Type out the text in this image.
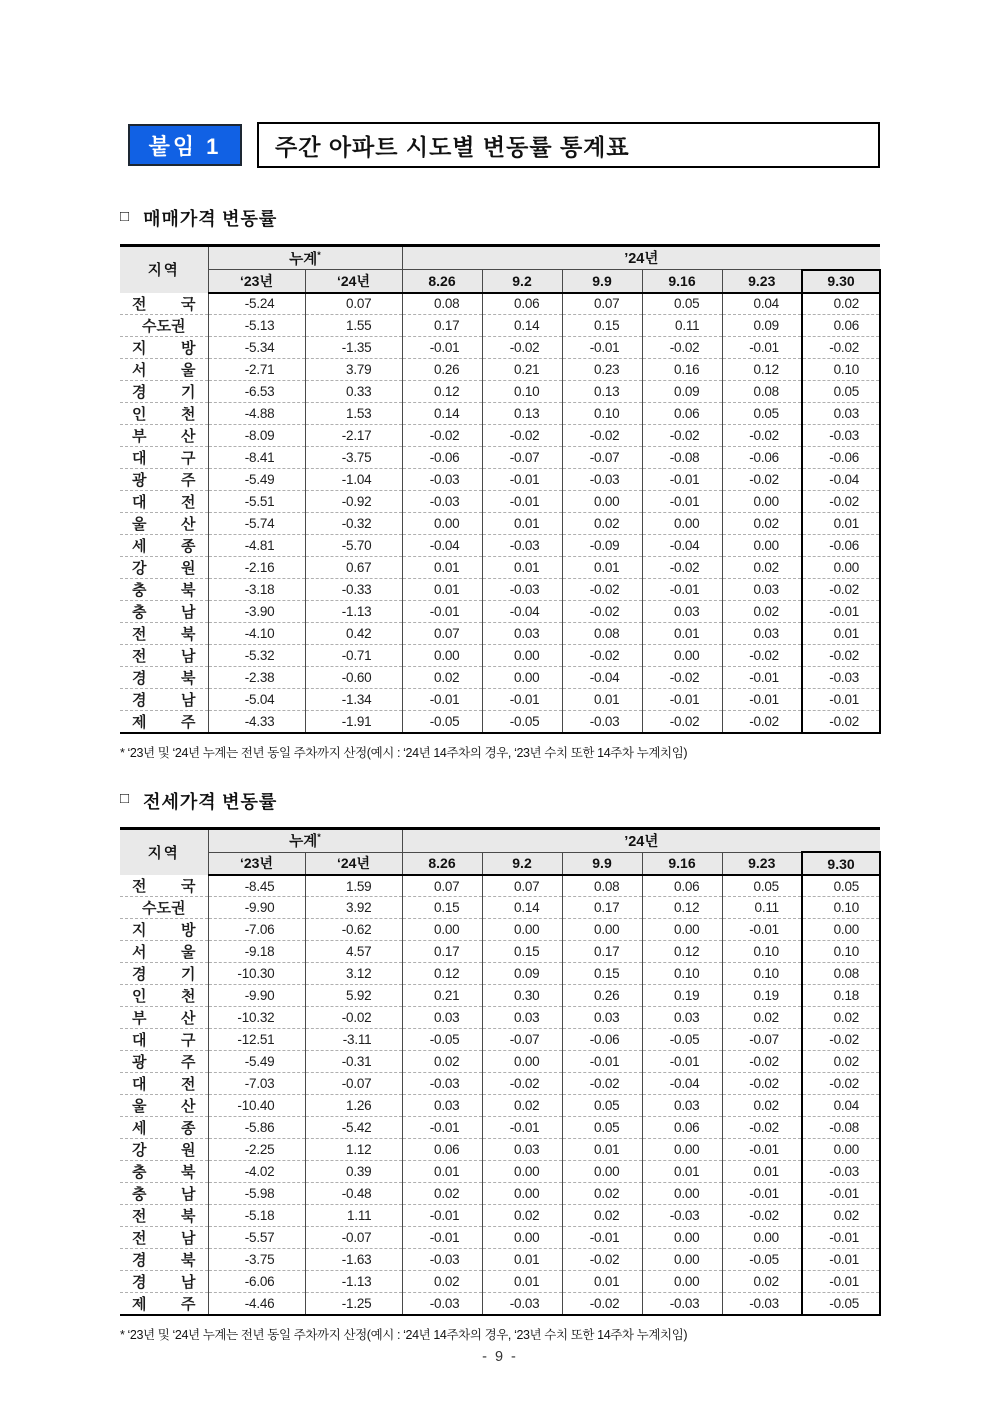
붙임 1 주간 아파트 시도별 변동률 통계표
□ 매매가격 변동률
지역	누계*		’24년					
	‘23년	‘24년	8.26	9.2	9.9	9.16	9.23	9.30

전 국	-5.24	0.07	0.08	0.06	0.07	0.05	0.04	0.02

수도권	-5.13	1.55	0.17	0.14	0.15	0.11	0.09	0.06

지 방	-5.34	-1.35	-0.01	-0.02	-0.01	-0.02	-0.01	-0.02

서 울	-2.71	3.79	0.26	0.21	0.23	0.16	0.12	0.10

경 기	-6.53	0.33	0.12	0.10	0.13	0.09	0.08	0.05

인 천	-4.88	1.53	0.14	0.13	0.10	0.06	0.05	0.03

부 산	-8.09	-2.17	-0.02	-0.02	-0.02	-0.02	-0.02	-0.03

대 구	-8.41	-3.75	-0.06	-0.07	-0.07	-0.08	-0.06	-0.06

광 주	-5.49	-1.04	-0.03	-0.01	-0.03	-0.01	-0.02	-0.04

대 전	-5.51	-0.92	-0.03	-0.01	0.00	-0.01	0.00	-0.02

울 산	-5.74	-0.32	0.00	0.01	0.02	0.00	0.02	0.01

세 종	-4.81	-5.70	-0.04	-0.03	-0.09	-0.04	0.00	-0.06

강 원	-2.16	0.67	0.01	0.01	0.01	-0.02	0.02	0.00

충 북	-3.18	-0.33	0.01	-0.03	-0.02	-0.01	0.03	-0.02

충 남	-3.90	-1.13	-0.01	-0.04	-0.02	0.03	0.02	-0.01

전 북	-4.10	0.42	0.07	0.03	0.08	0.01	0.03	0.01

전 남	-5.32	-0.71	0.00	0.00	-0.02	0.00	-0.02	-0.02

경 북	-2.38	-0.60	0.02	0.00	-0.04	-0.02	-0.01	-0.03

경 남	-5.04	-1.34	-0.01	-0.01	0.01	-0.01	-0.01	-0.01

제 주	-4.33	-1.91	-0.05	-0.05	-0.03	-0.02	-0.02	-0.02

* ‘23년 및 ‘24년 누계는 전년 동일 주차까지 산정(예시 : ‘24년 14주차의 경우, ‘23년 수치 또한 14주차 누계치임)

□ 전세가격 변동률
지역	누계*		’24년					
	‘23년	‘24년	8.26	9.2	9.9	9.16	9.23	9.30

전 국	-8.45	1.59	0.07	0.07	0.08	0.06	0.05	0.05

수도권	-9.90	3.92	0.15	0.14	0.17	0.12	0.11	0.10

지 방	-7.06	-0.62	0.00	0.00	0.00	0.00	-0.01	0.00

서 울	-9.18	4.57	0.17	0.15	0.17	0.12	0.10	0.10

경 기	-10.30	3.12	0.12	0.09	0.15	0.10	0.10	0.08

인 천	-9.90	5.92	0.21	0.30	0.26	0.19	0.19	0.18

부 산	-10.32	-0.02	0.03	0.03	0.03	0.03	0.02	0.02

대 구	-12.51	-3.11	-0.05	-0.07	-0.06	-0.05	-0.07	-0.02

광 주	-5.49	-0.31	0.02	0.00	-0.01	-0.01	-0.02	0.02

대 전	-7.03	-0.07	-0.03	-0.02	-0.02	-0.04	-0.02	-0.02

울 산	-10.40	1.26	0.03	0.02	0.05	0.03	0.02	0.04

세 종	-5.86	-5.42	-0.01	-0.01	0.05	0.06	-0.02	-0.08

강 원	-2.25	1.12	0.06	0.03	0.01	0.00	-0.01	0.00

충 북	-4.02	0.39	0.01	0.00	0.00	0.01	0.01	-0.03

충 남	-5.98	-0.48	0.02	0.00	0.02	0.00	-0.01	-0.01

전 북	-5.18	1.11	-0.01	0.02	0.02	-0.03	-0.02	0.02

전 남	-5.57	-0.07	-0.01	0.00	-0.01	0.00	0.00	-0.01

경 북	-3.75	-1.63	-0.03	0.01	-0.02	0.00	-0.05	-0.01

경 남	-6.06	-1.13	0.02	0.01	0.01	0.00	0.02	-0.01

제 주	-4.46	-1.25	-0.03	-0.03	-0.02	-0.03	-0.03	-0.05

* ‘23년 및 ‘24년 누계는 전년 동일 주차까지 산정(예시 : ‘24년 14주차의 경우, ‘23년 수치 또한 14주차 누계치임)

- 9 -
